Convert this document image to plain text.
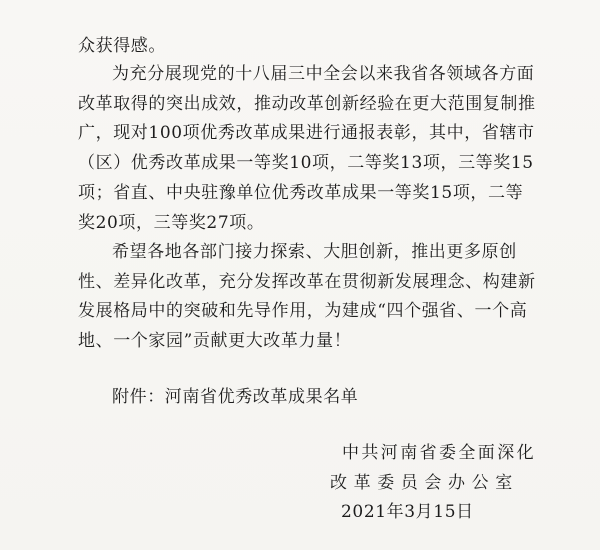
众获得感。
为充分展现党的十八届三中全会以来我省各领域各方面
改革取得的突出成效，推动改革创新经验在更大范围复制推
广，现对100项优秀改革成果进行通报表彰，其中，省辖市
（区）优秀改革成果一等奖10项，二等奖13项，三等奖15
项；省直、中央驻豫单位优秀改革成果一等奖15项，二等
奖20项，三等奖27项。
希望各地各部门接力探索、大胆创新，推出更多原创
性、差异化改革，充分发挥改革在贯彻新发展理念、构建新
发展格局中的突破和先导作用，为建成“四个强省、一个高
地、一个家园”贡献更大改革力量！
附件：河南省优秀改革成果名单
中共河南省委全面深化
改革委员会办公室
2021年3月15日
